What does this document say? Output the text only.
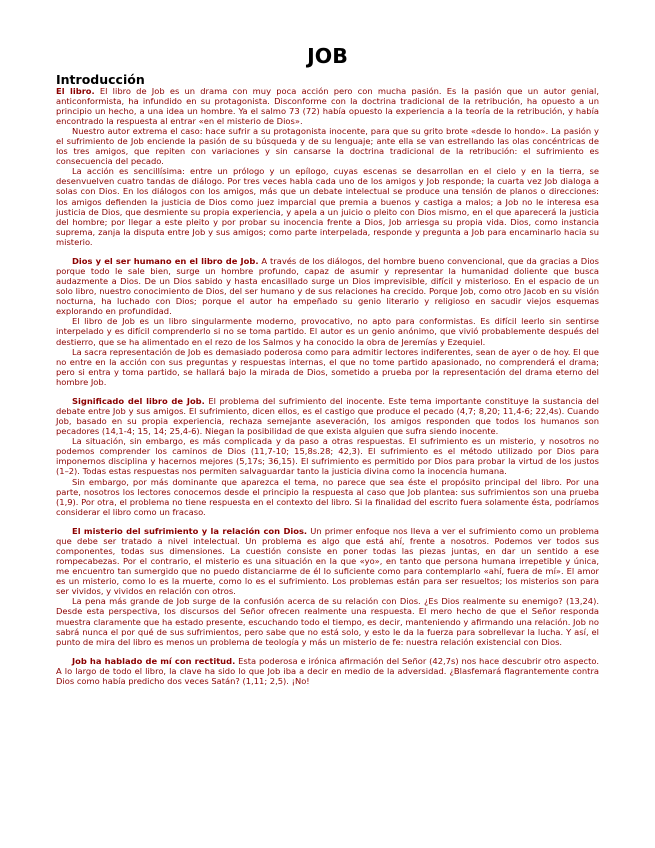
JOB
Introducción

El libro. El libro de Job es un drama con muy poca acción pero con mucha pasión. Es la pasión que un autor genial, anticonformista, ha infundido en su protagonista. Disconforme con la doctrina tradicional de la retribución, ha opuesto a un principio un hecho, a una idea un hombre. Ya el salmo 73 (72) había opuesto la experiencia a la teoría de la retribución, y había encontrado la respuesta al entrar «en el misterio de Dios».

Nuestro autor extrema el caso: hace sufrir a su protagonista inocente, para que su grito brote «desde lo hondo». La pasión y el sufrimiento de Job enciende la pasión de su búsqueda y de su lenguaje; ante ella se van estrellando las olas concéntricas de los tres amigos, que repiten con variaciones y sin cansarse la doctrina tradicional de la retribución: el sufrimiento es consecuencia del pecado.

La acción es sencillísima: entre un prólogo y un epílogo, cuyas escenas se desarrollan en el cielo y en la tierra, se desenvuelven cuatro tandas de diálogo. Por tres veces habla cada uno de los amigos y Job responde; la cuarta vez Job dialoga a solas con Dios. En los diálogos con los amigos, más que un debate intelectual se produce una tensión de planos o direcciones: los amigos defienden la justicia de Dios como juez imparcial que premia a buenos y castiga a malos; a Job no le interesa esa justicia de Dios, que desmiente su propia experiencia, y apela a un juicio o pleito con Dios mismo, en el que aparecerá la justicia del hombre; por llegar a este pleito y por probar su inocencia frente a Dios, Job arriesga su propia vida. Dios, como instancia suprema, zanja la disputa entre Job y sus amigos; como parte interpelada, responde y pregunta a Job para encaminarlo hacia su misterio.

Dios y el ser humano en el libro de Job. A través de los diálogos, del hombre bueno convencional, que da gracias a Dios porque todo le sale bien, surge un hombre profundo, capaz de asumir y representar la humanidad doliente que busca audazmente a Dios. De un Dios sabido y hasta encasillado surge un Dios imprevisible, difícil y misterioso. En el espacio de un solo libro, nuestro conocimiento de Dios, del ser humano y de sus relaciones ha crecido. Porque Job, como otro Jacob en su visión nocturna, ha luchado con Dios; porque el autor ha empeñado su genio literario y religioso en sacudir viejos esquemas explorando en profundidad.

El libro de Job es un libro singularmente moderno, provocativo, no apto para conformistas. Es difícil leerlo sin sentirse interpelado y es difícil comprenderlo si no se toma partido. El autor es un genio anónimo, que vivió probablemente después del destierro, que se ha alimentado en el rezo de los Salmos y ha conocido la obra de Jeremías y Ezequiel.

La sacra representación de Job es demasiado poderosa como para admitir lectores indiferentes, sean de ayer o de hoy. El que no entre en la acción con sus preguntas y respuestas internas, el que no tome partido apasionado, no comprenderá el drama; pero si entra y toma partido, se hallará bajo la mirada de Dios, sometido a prueba por la representación del drama eterno del hombre Job.

Significado del libro de Job. El problema del sufrimiento del inocente. Este tema importante constituye la sustancia del debate entre Job y sus amigos. El sufrimiento, dicen ellos, es el castigo que produce el pecado (4,7; 8,20; 11,4-6; 22,4s). Cuando Job, basado en su propia experiencia, rechaza semejante aseveración, los amigos responden que todos los humanos son pecadores (14,1-4; 15, 14; 25,4-6). Niegan la posibilidad de que exista alguien que sufra siendo inocente.

La situación, sin embargo, es más complicada y da paso a otras respuestas. El sufrimiento es un misterio, y nosotros no podemos comprender los caminos de Dios (11,7-10; 15,8s.28; 42,3). El sufrimiento es el método utilizado por Dios para imponernos disciplina y hacernos mejores (5,17s; 36,15). El sufrimiento es permitido por Dios para probar la virtud de los justos (1–2). Todas estas respuestas nos permiten salvaguardar tanto la justicia divina como la inocencia humana.

Sin embargo, por más dominante que aparezca el tema, no parece que sea éste el propósito principal del libro. Por una parte, nosotros los lectores conocemos desde el principio la respuesta al caso que Job plantea: sus sufrimientos son una prueba (1,9). Por otra, el problema no tiene respuesta en el contexto del libro. Si la finalidad del escrito fuera solamente ésta, podríamos considerar el libro como un fracaso.

El misterio del sufrimiento y la relación con Dios. Un primer enfoque nos lleva a ver el sufrimiento como un problema que debe ser tratado a nivel intelectual. Un problema es algo que está ahí, frente a nosotros. Podemos ver todos sus componentes, todas sus dimensiones. La cuestión consiste en poner todas las piezas juntas, en dar un sentido a ese rompecabezas. Por el contrario, el misterio es una situación en la que «yo», en tanto que persona humana irrepetible y única, me encuentro tan sumergido que no puedo distanciarme de él lo suficiente como para contemplarlo «ahí, fuera de mí». El amor es un misterio, como lo es la muerte, como lo es el sufrimiento. Los problemas están para ser resueltos; los misterios son para ser vividos, y vividos en relación con otros.

La pena más grande de Job surge de la confusión acerca de su relación con Dios. ¿Es Dios realmente su enemigo? (13,24). Desde esta perspectiva, los discursos del Señor ofrecen realmente una respuesta. El mero hecho de que el Señor responda muestra claramente que ha estado presente, escuchando todo el tiempo, es decir, manteniendo y afirmando una relación. Job no sabrá nunca el por qué de sus sufrimientos, pero sabe que no está solo, y esto le da la fuerza para sobrellevar la lucha. Y así, el punto de mira del libro es menos un problema de teología y más un misterio de fe: nuestra relación existencial con Dios.

Job ha hablado de mí con rectitud. Esta poderosa e irónica afirmación del Señor (42,7s) nos hace descubrir otro aspecto. A lo largo de todo el libro, la clave ha sido lo que Job iba a decir en medio de la adversidad. ¿Blasfemará flagrantemente contra Dios como había predicho dos veces Satán? (1,11; 2,5). ¡No!
